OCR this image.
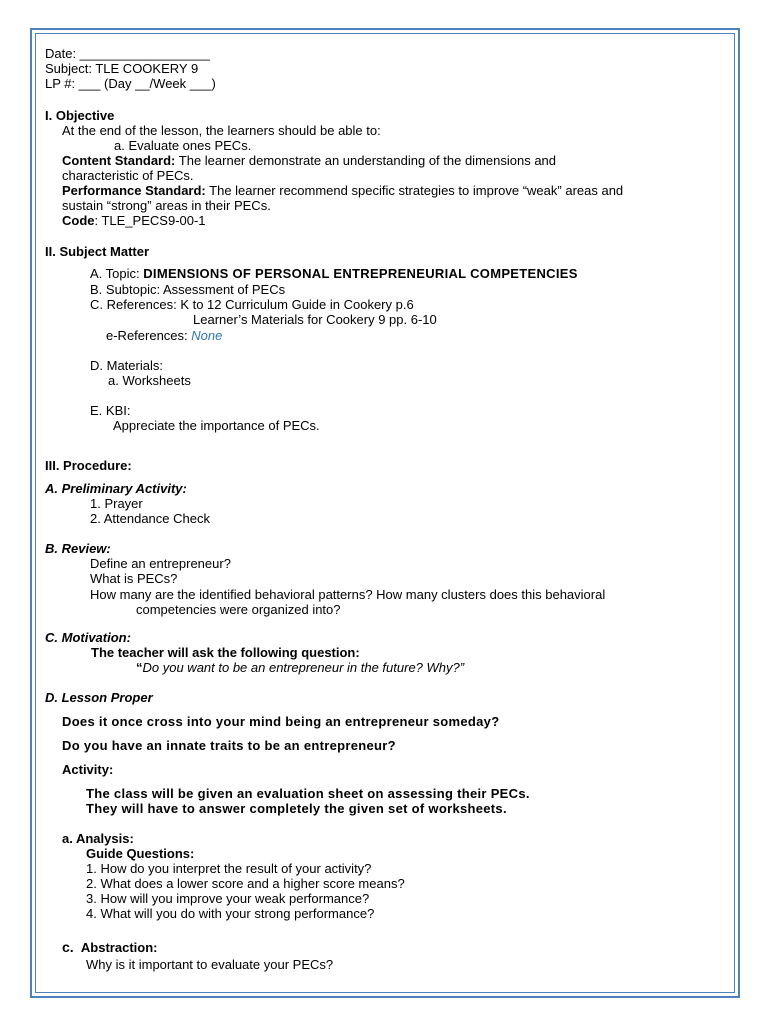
Date: __________________
Subject: TLE COOKERY 9
LP #: ___ (Day __/Week ___)
I. Objective
At the end of the lesson, the learners should be able to:
a. Evaluate ones PECs.
Content Standard: The learner demonstrate an understanding of the dimensions and
characteristic of PECs.
Performance Standard: The learner recommend specific strategies to improve “weak” areas and
sustain “strong” areas in their PECs.
Code: TLE_PECS9-00-1
II. Subject Matter
A. Topic: DIMENSIONS OF PERSONAL ENTREPRENEURIAL COMPETENCIES
B. Subtopic: Assessment of PECs
C. References: K to 12 Curriculum Guide in Cookery p.6
Learner’s Materials for Cookery 9 pp. 6-10
e-References: None
D. Materials:
a. Worksheets
E. KBI:
Appreciate the importance of PECs.
III. Procedure:
A. Preliminary Activity:
1. Prayer
2. Attendance Check
B. Review:
Define an entrepreneur?
What is PECs?
How many are the identified behavioral patterns? How many clusters does this behavioral
competencies were organized into?
C. Motivation:
The teacher will ask the following question:
“Do you want to be an entrepreneur in the future? Why?”
D. Lesson Proper
Does it once cross into your mind being an entrepreneur someday?
Do you have an innate traits to be an entrepreneur?
Activity:
The class will be given an evaluation sheet on assessing their PECs.
They will have to answer completely the given set of worksheets.
a. Analysis:
Guide Questions:
1. How do you interpret the result of your activity?
2. What does a lower score and a higher score means?
3. How will you improve your weak performance?
4. What will you do with your strong performance?
c. Abstraction:
Why is it important to evaluate your PECs?
